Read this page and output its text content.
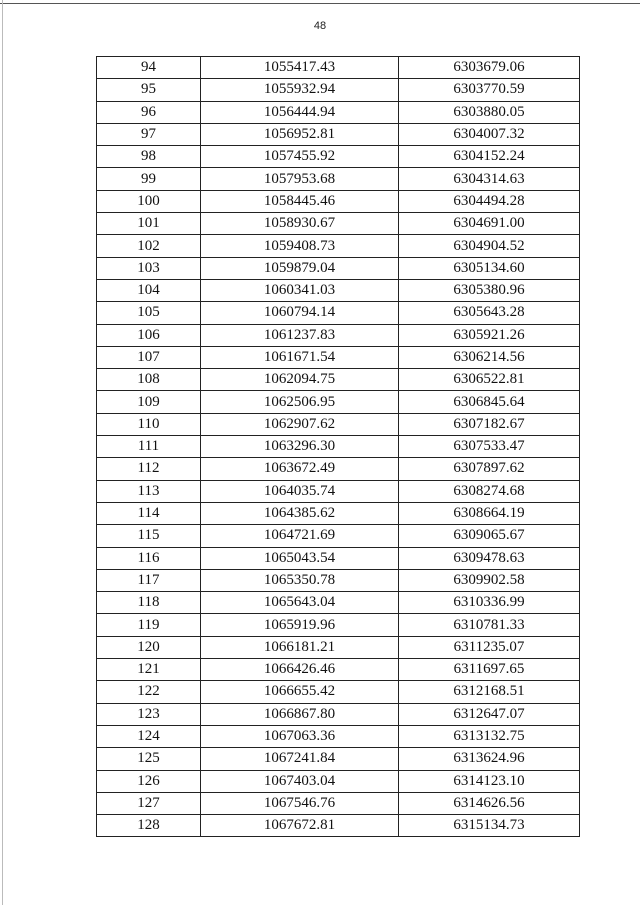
48
94	1055417.43	6303679.06
95	1055932.94	6303770.59
96	1056444.94	6303880.05
97	1056952.81	6304007.32
98	1057455.92	6304152.24
99	1057953.68	6304314.63
100	1058445.46	6304494.28
101	1058930.67	6304691.00
102	1059408.73	6304904.52
103	1059879.04	6305134.60
104	1060341.03	6305380.96
105	1060794.14	6305643.28
106	1061237.83	6305921.26
107	1061671.54	6306214.56
108	1062094.75	6306522.81
109	1062506.95	6306845.64
110	1062907.62	6307182.67
111	1063296.30	6307533.47
112	1063672.49	6307897.62
113	1064035.74	6308274.68
114	1064385.62	6308664.19
115	1064721.69	6309065.67
116	1065043.54	6309478.63
117	1065350.78	6309902.58
118	1065643.04	6310336.99
119	1065919.96	6310781.33
120	1066181.21	6311235.07
121	1066426.46	6311697.65
122	1066655.42	6312168.51
123	1066867.80	6312647.07
124	1067063.36	6313132.75
125	1067241.84	6313624.96
126	1067403.04	6314123.10
127	1067546.76	6314626.56
128	1067672.81	6315134.73
